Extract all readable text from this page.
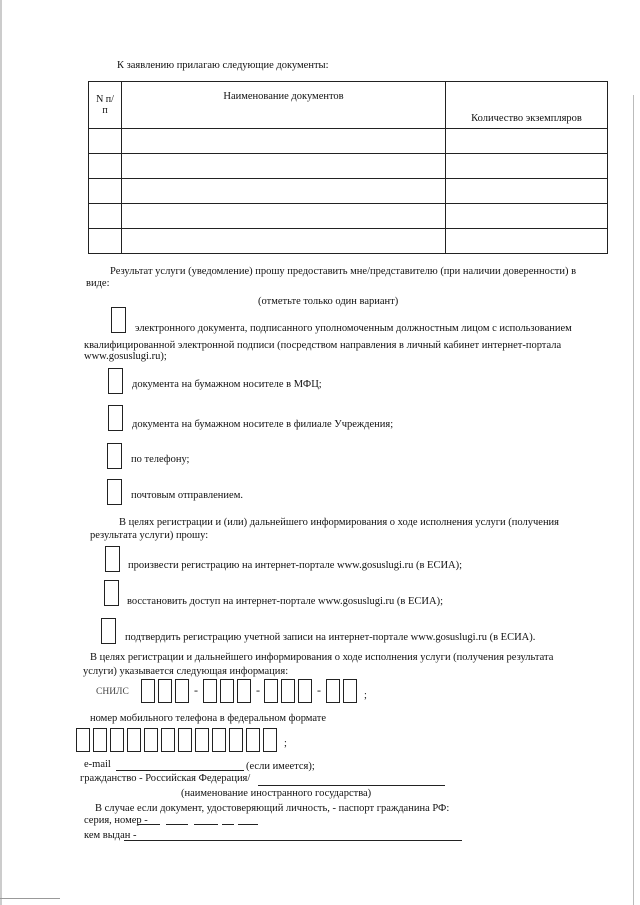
К заявлению прилагаю следующие документы:
N п/п	Наименование документов	Количество экземпляров

Результат услуги (уведомление) прошу предоставить мне/представителю (при наличии доверенности) в
виде:
(отметьте только один вариант)
электронного документа, подписанного уполномоченным должностным лицом с использованием
квалифицированной электронной подписи (посредством направления в личный кабинет интернет-портала
www.gosuslugi.ru);
документа на бумажном носителе в МФЦ;
документа на бумажном носителе в филиале Учреждения;
по телефону;
почтовым отправлением.
В целях регистрации и (или) дальнейшего информирования о ходе исполнения услуги (получения
результата услуги) прошу:
произвести регистрацию на интернет-портале www.gosuslugi.ru (в ЕСИА);
восстановить доступ на интернет-портале www.gosuslugi.ru (в ЕСИА);
подтвердить регистрацию учетной записи на интернет-портале www.gosuslugi.ru (в ЕСИА).
В целях регистрации и дальнейшего информирования о ходе исполнения услуги (получения результата
услуги) указывается следующая информация:
СНИЛС	-	-	-	;
номер мобильного телефона в федеральном формате
;
e-mail	(если имеется);
гражданство - Российская Федерация/
(наименование иностранного государства)
В случае если документ, удостоверяющий личность, - паспорт гражданина РФ:
серия, номер -
кем выдан -
